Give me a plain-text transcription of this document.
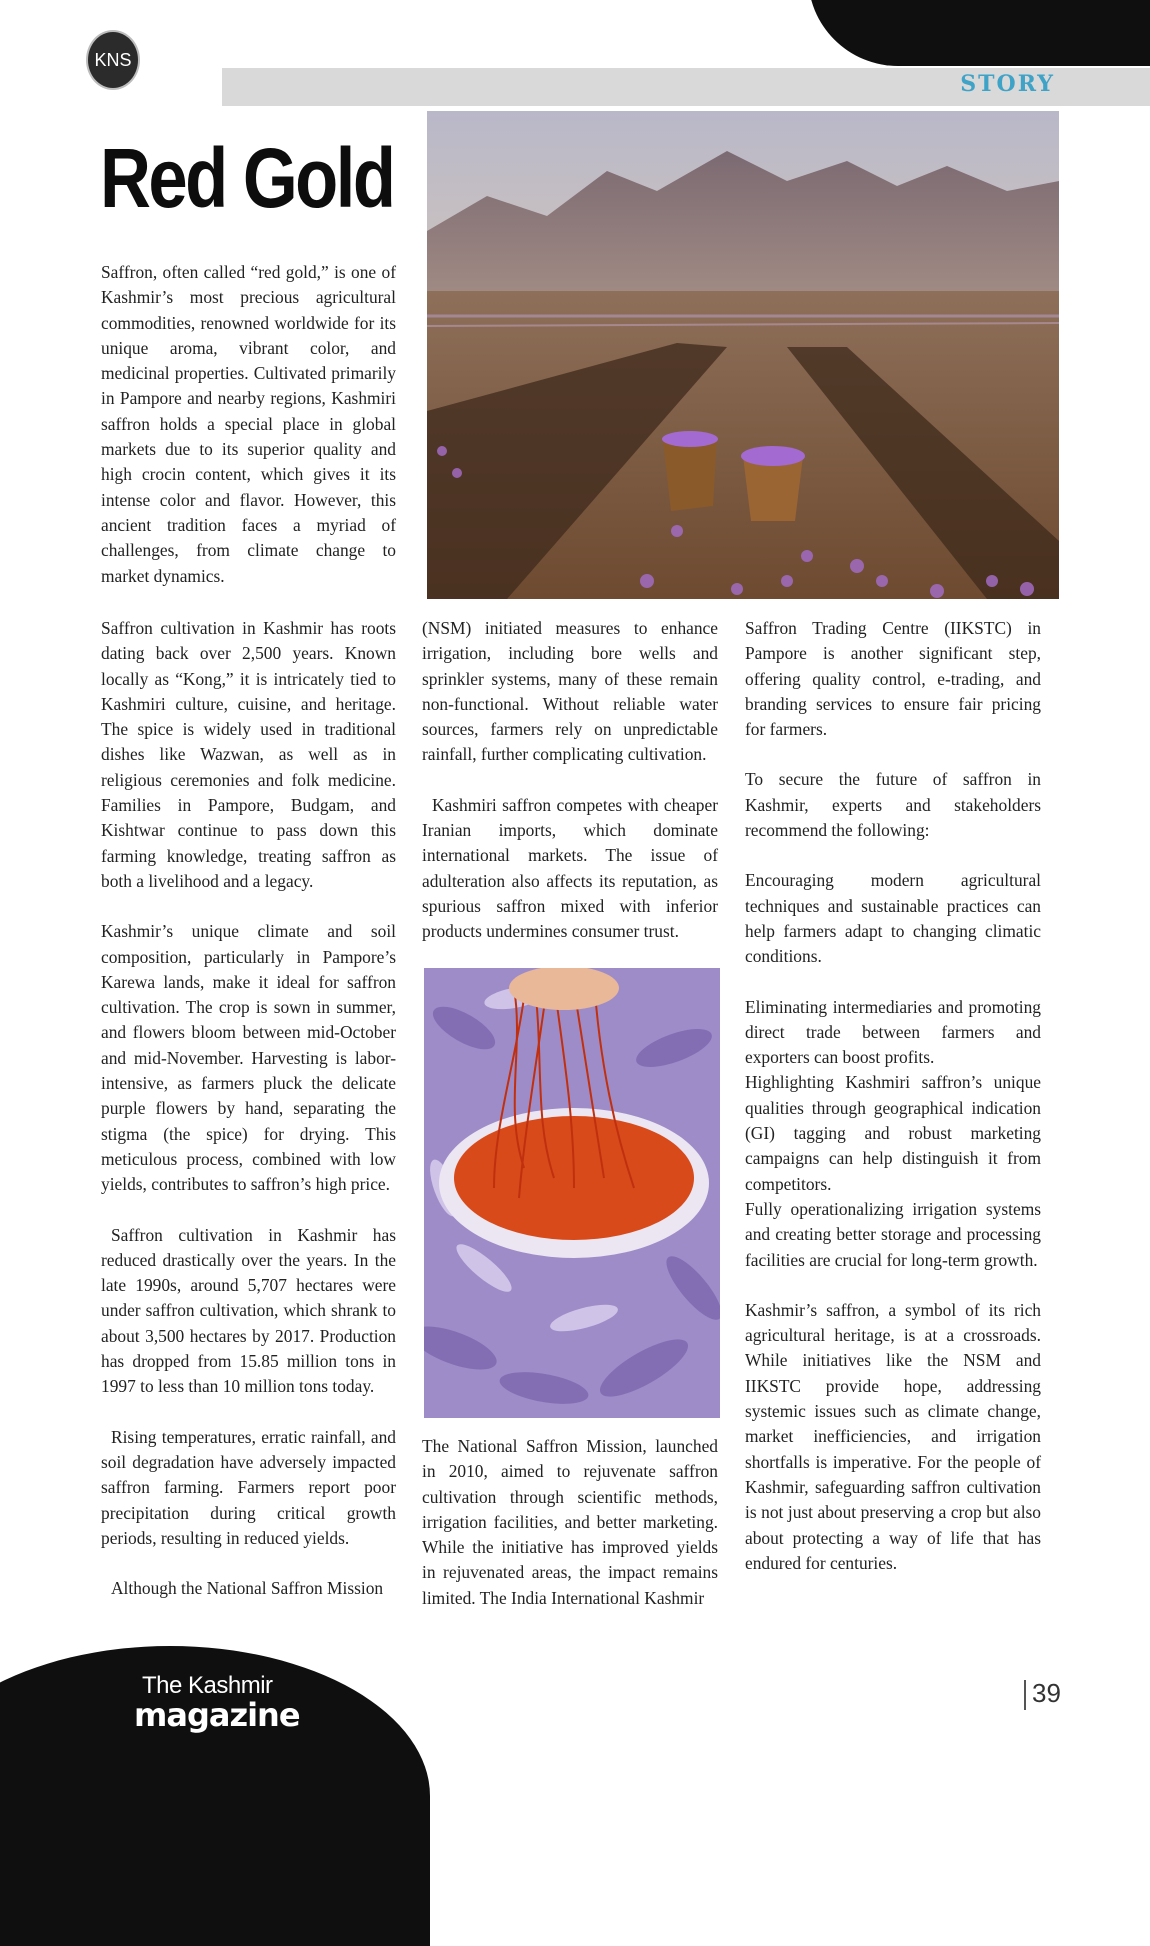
STORY
KNS
Red Gold

Saffron, often called “red gold,” is one of Kashmir’s most precious agricultural commodities, renowned worldwide for its unique aroma, vibrant color, and medicinal properties. Cultivated primarily in Pampore and nearby regions, Kashmiri saffron holds a special place in global markets due to its superior quality and high crocin content, which gives it its intense color and flavor. However, this ancient tradition faces a myriad of challenges, from climate change to market dynamics.

Saffron cultivation in Kashmir has roots dating back over 2,500 years. Known locally as “Kong,” it is intricately tied to Kashmiri culture, cuisine, and heritage. The spice is widely used in traditional dishes like Wazwan, as well as in religious ceremonies and folk medicine. Families in Pampore, Budgam, and Kishtwar continue to pass down this farming knowledge, treating saffron as both a livelihood and a legacy.

Kashmir’s unique climate and soil composition, particularly in Pampore’s Karewa lands, make it ideal for saffron cultivation. The crop is sown in summer, and flowers bloom between mid-October and mid-November. Harvesting is labor-intensive, as farmers pluck the delicate purple flowers by hand, separating the stigma (the spice) for drying. This meticulous process, combined with low yields, contributes to saffron’s high price.

Saffron cultivation in Kashmir has reduced drastically over the years. In the late 1990s, around 5,707 hectares were under saffron cultivation, which shrank to about 3,500 hectares by 2017. Production has dropped from 15.85 million tons in 1997 to less than 10 million tons today.

Rising temperatures, erratic rainfall, and soil degradation have adversely impacted saffron farming. Farmers report poor precipitation during critical growth periods, resulting in reduced yields.

Although the National Saffron Mission

(NSM) initiated measures to enhance irrigation, including bore wells and sprinkler systems, many of these remain non-functional. Without reliable water sources, farmers rely on unpredictable rainfall, further complicating cultivation.

Kashmiri saffron competes with cheaper Iranian imports, which dominate international markets. The issue of adulteration also affects its reputation, as spurious saffron mixed with inferior products undermines consumer trust.

The National Saffron Mission, launched in 2010, aimed to rejuvenate saffron cultivation through scientific methods, irrigation facilities, and better marketing. While the initiative has improved yields in rejuvenated areas, the impact remains limited. The India International Kashmir

Saffron Trading Centre (IIKSTC) in Pampore is another significant step, offering quality control, e-trading, and branding services to ensure fair pricing for farmers.

To secure the future of saffron in Kashmir, experts and stakeholders recommend the following:

Encouraging modern agricultural techniques and sustainable practices can help farmers adapt to changing climatic conditions.

Eliminating intermediaries and promoting direct trade between farmers and exporters can boost profits.

Highlighting Kashmiri saffron’s unique qualities through geographical indication (GI) tagging and robust marketing campaigns can help distinguish it from competitors.

Fully operationalizing irrigation systems and creating better storage and processing facilities are crucial for long-term growth.

Kashmir’s saffron, a symbol of its rich agricultural heritage, is at a crossroads. While initiatives like the NSM and IIKSTC provide hope, addressing systemic issues such as climate change, market inefficiencies, and irrigation shortfalls is imperative. For the people of Kashmir, safeguarding saffron cultivation is not just about preserving a crop but also about protecting a way of life that has endured for centuries.

The Kashmir
magazine
39
